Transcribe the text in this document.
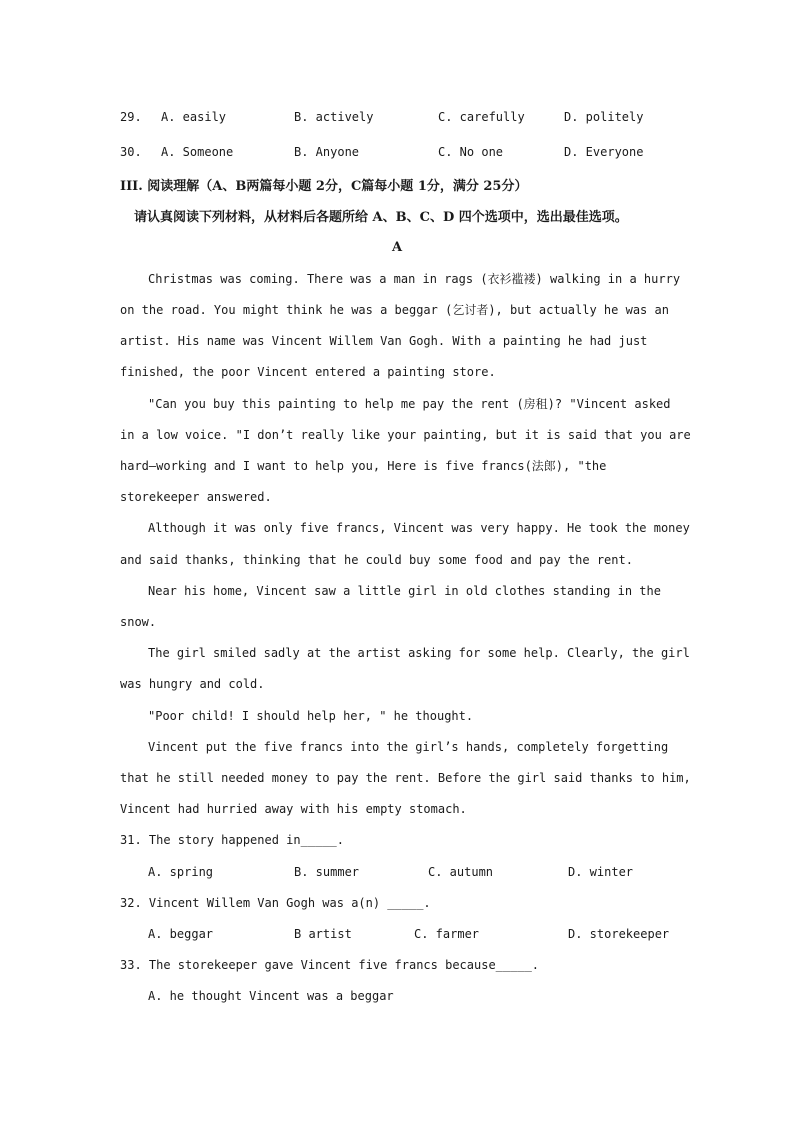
29. A. easily	B. actively	C. carefully	D. politely
30. A. Someone	B. Anyone	C. No one	D. Everyone
III. 阅读理解（A、B两篇每小题 2分，C篇每小题 1分，满分 25分）
请认真阅读下列材料，从材料后各题所给 A、B、C、D 四个选项中，选出最佳选项。
A
Christmas was coming. There was a man in rags (衣衫褴褛) walking in a hurry
on the road. You might think he was a beggar (乞讨者), but actually he was an
artist. His name was Vincent Willem Van Gogh. With a painting he had just
finished, the poor Vincent entered a painting store.
"Can you buy this painting to help me pay the rent (房租)? "Vincent asked
in a low voice. "I don’t really like your painting, but it is said that you are
hard—working and I want to help you, Here is five francs(法郎), "the
storekeeper answered.
Although it was only five francs, Vincent was very happy. He took the money
and said thanks, thinking that he could buy some food and pay the rent.
Near his home, Vincent saw a little girl in old clothes standing in the
snow.
The girl smiled sadly at the artist asking for some help. Clearly, the girl
was hungry and cold.
"Poor child! I should help her, " he thought.
Vincent put the five francs into the girl’s hands, completely forgetting
that he still needed money to pay the rent. Before the girl said thanks to him,
Vincent had hurried away with his empty stomach.
31. The story happened in_____.
A. spring	B. summer	C. autumn	D. winter
32. Vincent Willem Van Gogh was a(n) _____.
A. beggar	B artist	C. farmer	D. storekeeper
33. The storekeeper gave Vincent five francs because_____.
A. he thought Vincent was a beggar
